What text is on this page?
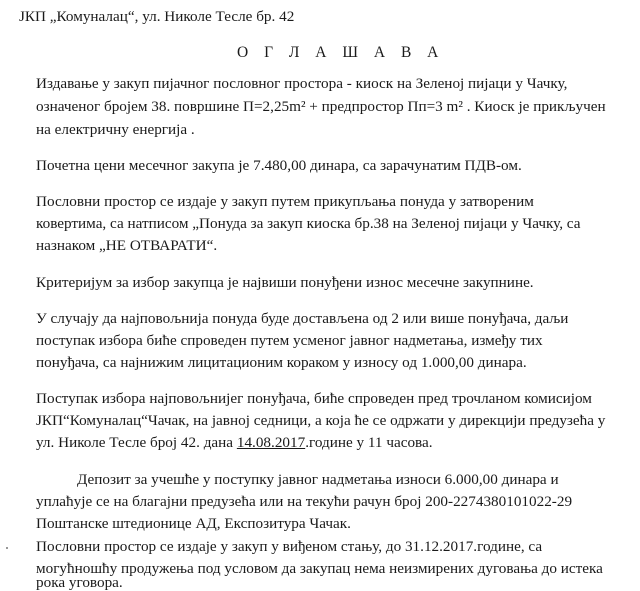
ЈКП „Комуналац“, ул. Николе Тесле бр. 42
О Г Л А Ш А В А
Издавање у закуп пијачног пословног простора - киоск на Зеленој пијаци у Чачку,
означеног бројем 38. површине П=2,25m² + предпростор Пп=3 m² . Киоск је прикључен
на електричну енергија .
Почетна цени месечног закупа је 7.480,00 динара, са зарачунатим ПДВ-ом.
Пословни простор се издаје у закуп путем прикупљања понуда у затвореним
ковертима, са натписом „Понуда за закуп киоска бр.38 на Зеленој пијаци у Чачку, са
назнаком „НЕ ОТВАРАТИ“.
Критеријум за избор закупца је највиши понуђени износ месечне закупнине.
У случају да најповољнија понуда буде достављена од 2 или више понуђача, даљи
поступак избора биће спроведен путем усменог јавног надметања, између тих
понуђача, са најнижим лицитационим кораком у износу од 1.000,00 динара.
Поступак избора најповољнијег понуђача, биће спроведен пред трочланом комисијом
ЈКП“Комуналац“Чачак, на јавној седници, а која ће се одржати у дирекцији предузећа у
ул. Николе Тесле број 42. дана 14.08.2017.године у 11 часова.
Депозит за учешће у поступку јавног надметања износи 6.000,00 динара и
уплаћује се на благајни предузећа или на текући рачун број 200-2274380101022-29
Поштанске штедионице АД, Експозитура Чачак.
Пословни простор се издаје у закуп у виђеном стању, до 31.12.2017.године, са
могућношћу продужења под условом да закупац нема неизмирених дуговања до истека
рока уговора.
